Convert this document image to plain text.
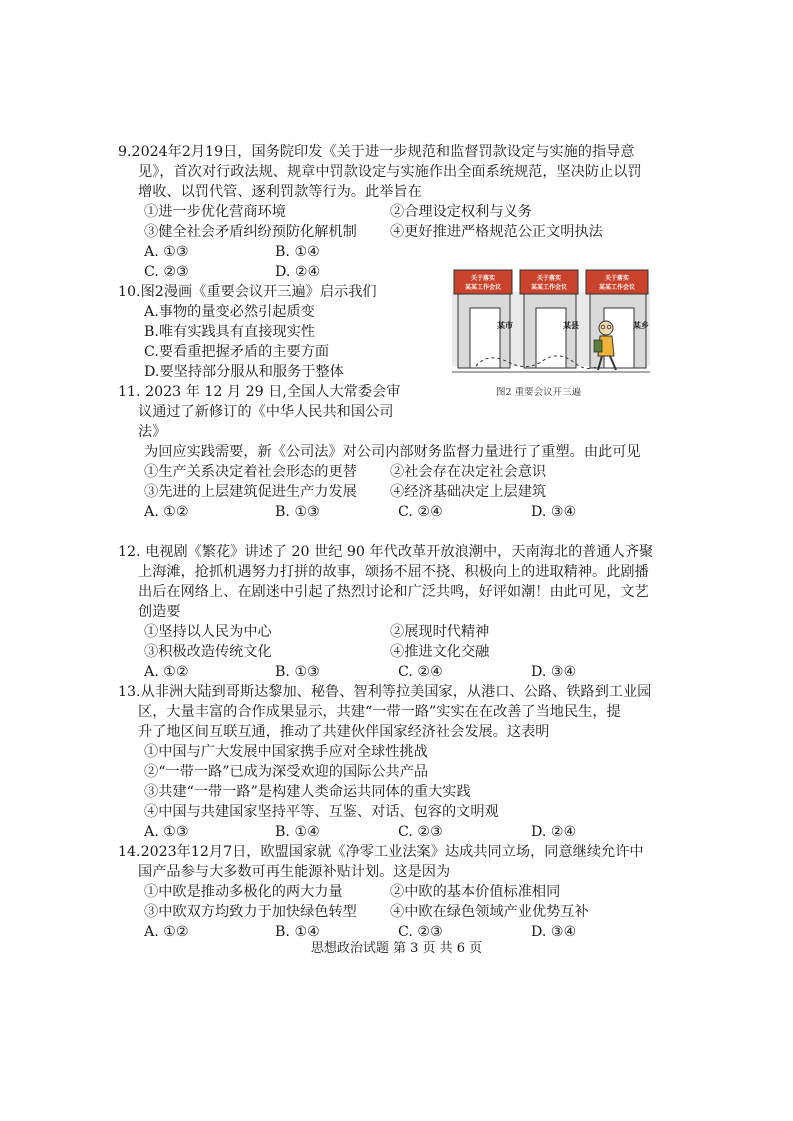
9.2024年2月19日，国务院印发《关于进一步规范和监督罚款设定与实施的指导意
见》，首次对行政法规、规章中罚款设定与实施作出全面系统规范，坚决防止以罚
增收、以罚代管、逐利罚款等行为。此举旨在
①进一步优化营商环境	②合理设定权利与义务
③健全社会矛盾纠纷预防化解机制 ④更好推进严格规范公正文明执法
A. ①③	B. ①④
C. ②③	D. ②④
10.图2漫画《重要会议开三遍》启示我们
A.事物的量变必然引起质变
B.唯有实践具有直接现实性
C.要看重把握矛盾的主要方面
D.要坚持部分服从和服务于整体
关于落实
某某工作会议
关于落实
某某工作会议
关于落实
某某工作会议
某市	某县	某乡
图2 重要会议开三遍
11. 2023 年 12 月 29 日,全国人大常委会审
议通过了新修订的《中华人民共和国公司
法》
为回应实践需要，新《公司法》对公司内部财务监督力量进行了重塑。由此可见
①生产关系决定着社会形态的更替 ②社会存在决定社会意识
③先进的上层建筑促进生产力发展 ④经济基础决定上层建筑
A. ①②	B. ①③	C. ②④	D. ③④
12. 电视剧《繁花》讲述了 20 世纪 90 年代改革开放浪潮中，天南海北的普通人齐聚
上海滩，抢抓机遇努力打拼的故事，颂扬不屈不挠、积极向上的进取精神。此剧播
出后在网络上、在剧迷中引起了热烈讨论和广泛共鸣，好评如潮！由此可见，文艺
创造要
①坚持以人民为中心	②展现时代精神
③积极改造传统文化	④推进文化交融
A. ①②	B. ①③	C. ②④	D. ③④
13.从非洲大陆到哥斯达黎加、秘鲁、智利等拉美国家，从港口、公路、铁路到工业园
区，大量丰富的合作成果显示，共建“一带一路”实实在在改善了当地民生，提
升了地区间互联互通，推动了共建伙伴国家经济社会发展。这表明
①中国与广大发展中国家携手应对全球性挑战
②“一带一路”已成为深受欢迎的国际公共产品
③共建“一带一路”是构建人类命运共同体的重大实践
④中国与共建国家坚持平等、互鉴、对话、包容的文明观
A. ①③	B. ①④	C. ②③	D. ②④
14.2023年12月7日，欧盟国家就《净零工业法案》达成共同立场，同意继续允许中
国产品参与大多数可再生能源补贴计划。这是因为
①中欧是推动多极化的两大力量	②中欧的基本价值标准相同
③中欧双方均致力于加快绿色转型 ④中欧在绿色领域产业优势互补
A. ①②	B. ①④	C. ②③	D. ③④
思想政治试题 第 3 页 共 6 页
